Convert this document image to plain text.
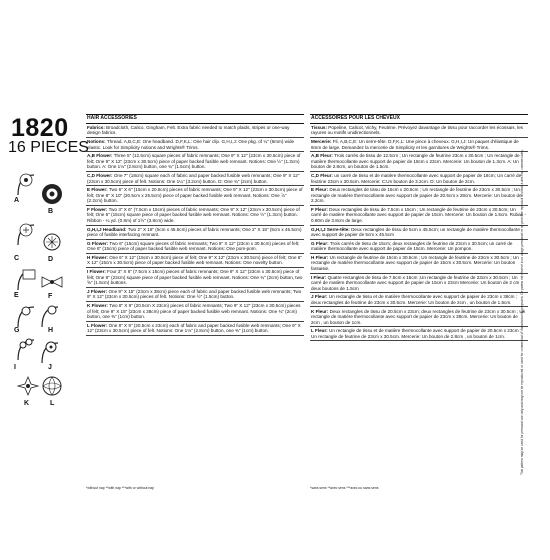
1820
16 PIECES
A
B
C	D
E	F
G	H
I	J
K	L
HAIR ACCESSORIES
Fabrics: Broadcloth, Calico, Gingham, Felt. Extra fabric needed to match plaids, stripes or one-way design fabrics.
Notions: Thread. A,B,C,E: One headband. D,F,K,L: One hair clip. G,H,I,J: One pkg. of ¼" (6mm) wide elastic. Look for Simplicity notions and Wrights® Trims.
A,B Flower: Three 5" (12.5cm) square pieces of fabric remnants; One 9" X 12" (23cm x 30.5cm) piece of felt; One 9" X 12" (23cm x 30.5cm) piece of paper backed fusible web remnant. Notions: One ½" (1.3cm) button. A: One 1⅛" (2.8cm) button, one ¾" (1.5cm) button.
C,D Flower: One 7" (18cm) square each of fabric and paper backed fusible web remnants; One 9" X 12" (23cm x 30.5cm) piece of felt. Notions: One 1¼" (3.2cm) button. D: One ¾" (2cm) button.
E Flower: Two 6" X 6" (15cm x 20.5cm) pieces of fabric remnants; One 9" X 12" (23cm x 30.5cm) piece of felt; One 8" X 10" (20.5cm x 25.5cm) piece of paper backed fusible web remnant. Notions: One ⅞" (2.2cm) button.
F Flower: Two 3" X 6" (7.5cm x 15cm) pieces of fabric remnants; One 9" X 12" (23cm x 30.5cm) piece of felt; One 6" (15cm) square piece of paper backed fusible web remnant. Notions: One ½" (1.3cm) button. Ribbon - ¼ yd. (0.8m) of 1½" (3.8cm) wide.
G,H,I,J Headband: Two 2" X 18" (5cm x 45.5cm) pieces of fabric remnants; One 2" X 18" (5cm x 45.5cm) piece of fusible interfacing remnant.
G Flower: Two 6" (15cm) square pieces of fabric remnants; Two 9" X 12" (23cm x 30.5cm) pieces of felt; One 6" (15cm) piece of paper backed fusible web remnant. Notions: One pom-pom.
H Flower: One 6" X 12" (15cm x 30.5cm) piece of felt; One 9" X 12" (23cm x 30.5cm) piece of felt; One 6" X 12" (15cm x 30.5cm) piece of paper backed fusible web remnant. Notions: One novelty button.
I Flower: Four 3" X 6" (7.5cm x 15cm) pieces of fabric remnants; One 9" X 12" (23cm x 30.5cm) piece of felt; One 9" (23cm) square piece of paper backed fusible web remnant. Notions: One ¾" (2cm) button, two ⅝" (1.5cm) buttons.
J Flower: One 9" X 15" (23cm x 38cm) piece each of fabric and paper backed fusible web remnants; Two 9" X 12" (23cm x 30.5cm) pieces of felt. Notions: One ½" (1.5cm) button.
K Flower: Two 8" X 9" (20.5cm X 23cm) pieces of fabric remnants; Two 9" X 12" (23cm x 30.5cm) pieces of felt; One 9" X 15" (23cm x 38cm) piece of paper backed fusible web remnant. Notions: One ¾" (2cm) button, one ⅜" (1cm) button.
L Flower: One 8" X 9" (20.5cm x 23cm) each of fabric and paper backed fusible web remnants; One 9" X 12" (23cm x 30.5cm) piece of felt. Notions: One 1⅛" (2.8cm) button, one ⅜" (1cm) button.
ACCESSOIRES POUR LES CHEVEUX
Tissus: Popeline, Calicot, Vichy, Feutrine. Prévoyez davantage de tissu pour raccorder les écossais, les rayures ou motifs unidirectionnels.
Mercerie: Fil. A,B,C,E: Un serre-tête. D,F,K,L: Une pince à cheveux. G,H,I,J: Un paquet d'élastique de 6mm de large. Demandez la mercerie de Simplicity et les garnitures de Wrights® Trims.
A,B Fleur: Trois carrés de tissu de 12.5cm ; Un rectangle de feutrine 23cm x 30.5cm ; Un rectangle de matière thermocollante avec support de papier de 18cm x 23cm. Mercerie: Un bouton de 1.3cm. A: Un bouton de 2.8cm, un bouton de 1.5cm.
C,D Fleur: un carré de tissu et de matière thermocollante avec support de papier de 18cm; Un carré de feutrine 23cm x 30.5cm. Mercerie: C:Un bouton de 3.2cm. D: Un bouton de 2cm.
E Fleur: Deux rectangles de tissu de 15cm x 20.5cm ; Un rectangle de feutrine de 23cm x 30.5cm ; Un rectangle de matière thermocollante avec support de papier de 20.5cm x 28cm. Mercerie: Un bouton de 2.2cm.
F Fleur: Deux rectangles de tissu de 7.5cm x 15cm ; Un rectangle de feutrine de 23cm x 30.5cm; Un carré de matière thermocollante avec support de papier de 15cm. Mercerie: Un bouton de 1.5cm. Ruban - 0.80m de 3.8cm de large.
G,H,I,J Serre-tête: Deux rectangles de tissu de 5cm x 45.5cm; un rectangle de matière thermocollante avec support de papier de 5cm x 45.5cm
G Fleur: Trois carrés de tissu de 15cm; deux rectangles de feutrine de 23cm x 30.5cm; un carré de matière thermocollante avec support de papier de 15cm. Mercerie: Un pompon.
H Fleur: Un rectangle de feutrine de 15cm x 30.5cm ; Un rectangle de feutrine de 23cm x 30.5cm ; Un rectangle de matière thermocollante avec support de papier de 15cm x 30.5cm. Mercerie: Un bouton fantaisie.
I Fleur: Quatre rectangles de tissu de 7.5cm x 15cm ;Un rectangle de feutrine de 23cm x 30.5cm ; Un carré de matière thermocollante avec support de papier de 15cm x 23cm Mercerie: Un bouton de 2 cm , deux boutons de 1.5cm
J Fleur: Un rectangle de tissu et de matière thermocollante avec support de papier de 23cm x 38cm ; deux rectangles de feutrine de 23cm x 30.5cm. Mercerie: Un bouton de 2cm , un bouton de 1.5cm.
K Fleur: Deux rectangles de tissu de 20.5cm x 23cm; deux rectangles de feutrine de 23cm x 30.5cm ; Un rectangle de matière thermocollante avec support de papier de 23cm x 38cm. Mercerie: Un bouton de 2cm , un bouton de 1cm.
L Fleur: Un rectangle de tissu et de matière thermocollante avec support de papier de 20.5cm x 23cm ; Un rectangle de feutrine de 23cm x 30.5cm. Mercerie: Un bouton de 2.8cm , un bouton de 1cm.
*without nap **with nap ***with or without nap	*sans sens **avec sens ***avec ou sans sens
This pattern may be used for personal use only and may not be reproduced or used for commercial or manufacturing purposes. Ce patron est réservé à un usage personnel et ne peut être reproduit ni utilisé à des fins commerciales.
